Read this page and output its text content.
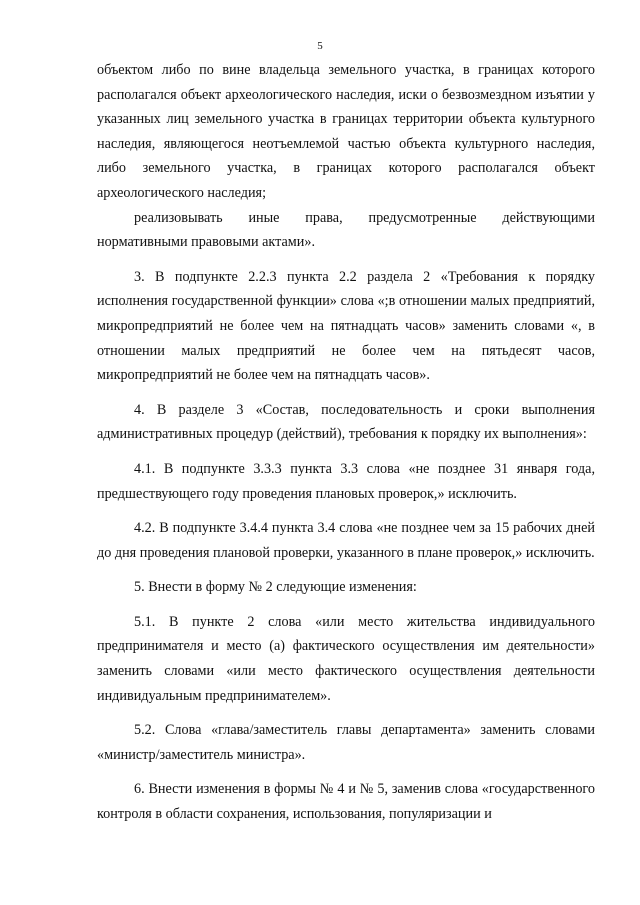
5

объектом либо по вине владельца земельного участка, в границах которого располагался объект археологического наследия, иски о безвозмездном изъятии у указанных лиц земельного участка в границах территории объекта культурного наследия, являющегося неотъемлемой частью объекта культурного наследия, либо земельного участка, в границах которого располагался объект археологического наследия;

реализовывать иные права, предусмотренные действующими нормативными правовыми актами».

3. В подпункте 2.2.3 пункта 2.2 раздела 2 «Требования к порядку исполнения государственной функции» слова «;в отношении малых предприятий, микропредприятий не более чем на пятнадцать часов» заменить словами «, в отношении малых предприятий не более чем на пятьдесят часов, микропредприятий не более чем на пятнадцать часов».

4. В разделе 3 «Состав, последовательность и сроки выполнения административных процедур (действий), требования к порядку их выполнения»:

4.1. В подпункте 3.3.3 пункта 3.3 слова «не позднее 31 января года, предшествующего году проведения плановых проверок,» исключить.

4.2. В подпункте 3.4.4 пункта 3.4 слова «не позднее чем за 15 рабочих дней до дня проведения плановой проверки, указанного в плане проверок,» исключить.

5. Внести в форму № 2 следующие изменения:

5.1. В пункте 2 слова «или место жительства индивидуального предпринимателя и место (а) фактического осуществления им деятельности» заменить словами «или место фактического осуществления деятельности индивидуальным предпринимателем».

5.2. Слова «глава/заместитель главы департамента» заменить словами «министр/заместитель министра».

6. Внести изменения в формы № 4 и № 5, заменив слова «государственного контроля в области сохранения, использования, популяризации и
